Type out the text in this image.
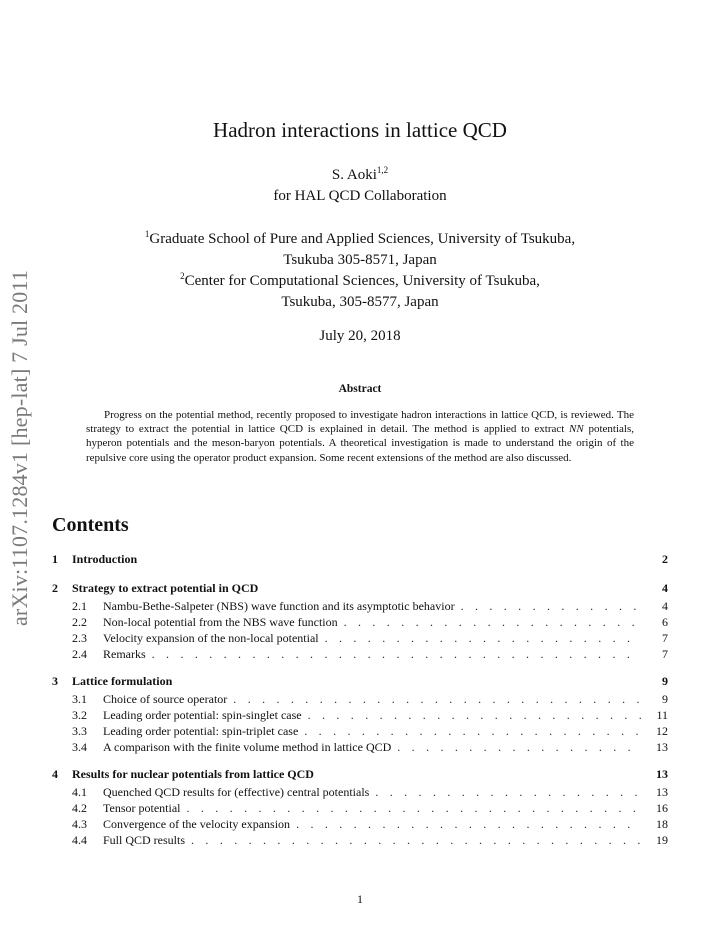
arXiv:1107.1284v1 [hep-lat] 7 Jul 2011
Hadron interactions in lattice QCD
S. Aoki$^{1,2}$
for HAL QCD Collaboration
$^1$Graduate School of Pure and Applied Sciences, University of Tsukuba,
Tsukuba 305-8571, Japan
$^2$Center for Computational Sciences, University of Tsukuba,
Tsukuba, 305-8577, Japan
July 20, 2018
Abstract
Progress on the potential method, recently proposed to investigate hadron interactions in lattice QCD, is reviewed. The strategy to extract the potential in lattice QCD is explained in detail. The method is applied to extract NN potentials, hyperon potentials and the meson-baryon potentials. A theoretical investigation is made to understand the origin of the repulsive core using the operator product expansion. Some recent extensions of the method are also discussed.
Contents
1	Introduction	2
2	Strategy to extract potential in QCD	4
2.1	Nambu-Bethe-Salpeter (NBS) wave function and its asymptotic behavior . . .	4
2.2	Non-local potential from the NBS wave function . . .	6
2.3	Velocity expansion of the non-local potential . . .	7
2.4	Remarks . . .	7
3	Lattice formulation	9
3.1	Choice of source operator . . .	9
3.2	Leading order potential: spin-singlet case . . .	11
3.3	Leading order potential: spin-triplet case . . .	12
3.4	A comparison with the finite volume method in lattice QCD . . .	13
4	Results for nuclear potentials from lattice QCD	13
4.1	Quenched QCD results for (effective) central potentials . . .	13
4.2	Tensor potential . . .	16
4.3	Convergence of the velocity expansion . . .	18
4.4	Full QCD results . . .	19
1
